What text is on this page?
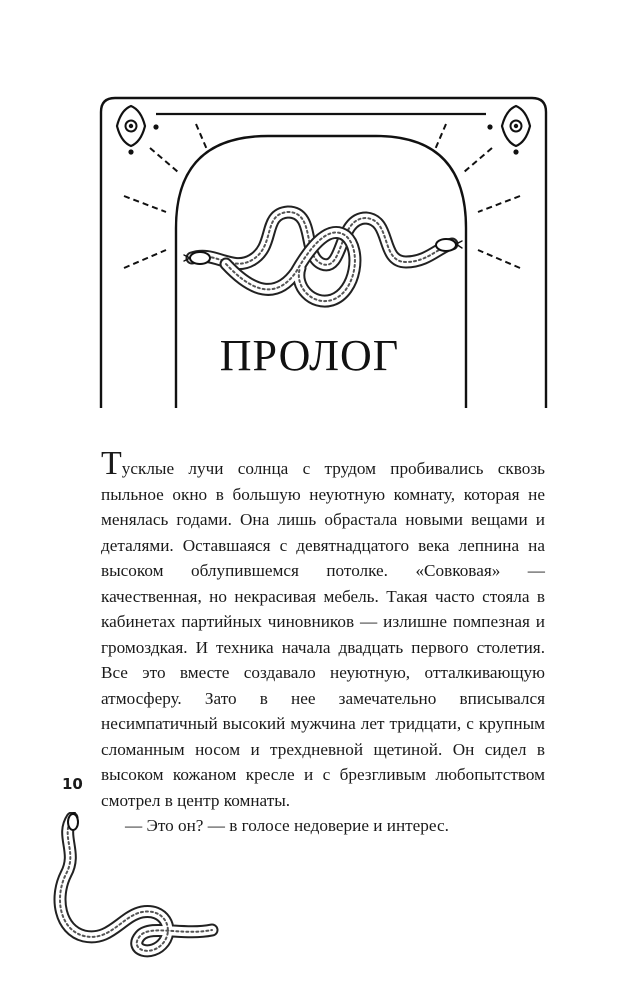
ПРОЛОГ

Тусклые лучи солнца с трудом пробивались сквозь пыльное окно в большую неуютную комнату, которая не менялась годами. Она лишь обрастала новыми вещами и деталями. Оставшаяся с девятнадцатого века лепнина на высоком облупившемся потолке. «Совковая» — качественная, но некрасивая мебель. Такая часто стояла в кабинетах партийных чиновников — излишне помпезная и громоздкая. И техника начала двадцать первого столетия. Все это вместе создавало неуютную, отталкивающую атмосферу. Зато в нее замечательно вписывался несимпатичный высокий мужчина лет тридцати, с крупным сломанным носом и трехдневной щетиной. Он сидел в высоком кожаном кресле и с брезгливым любопытством смотрел в центр комнаты.

— Это он? — в голосе недоверие и интерес.

10
